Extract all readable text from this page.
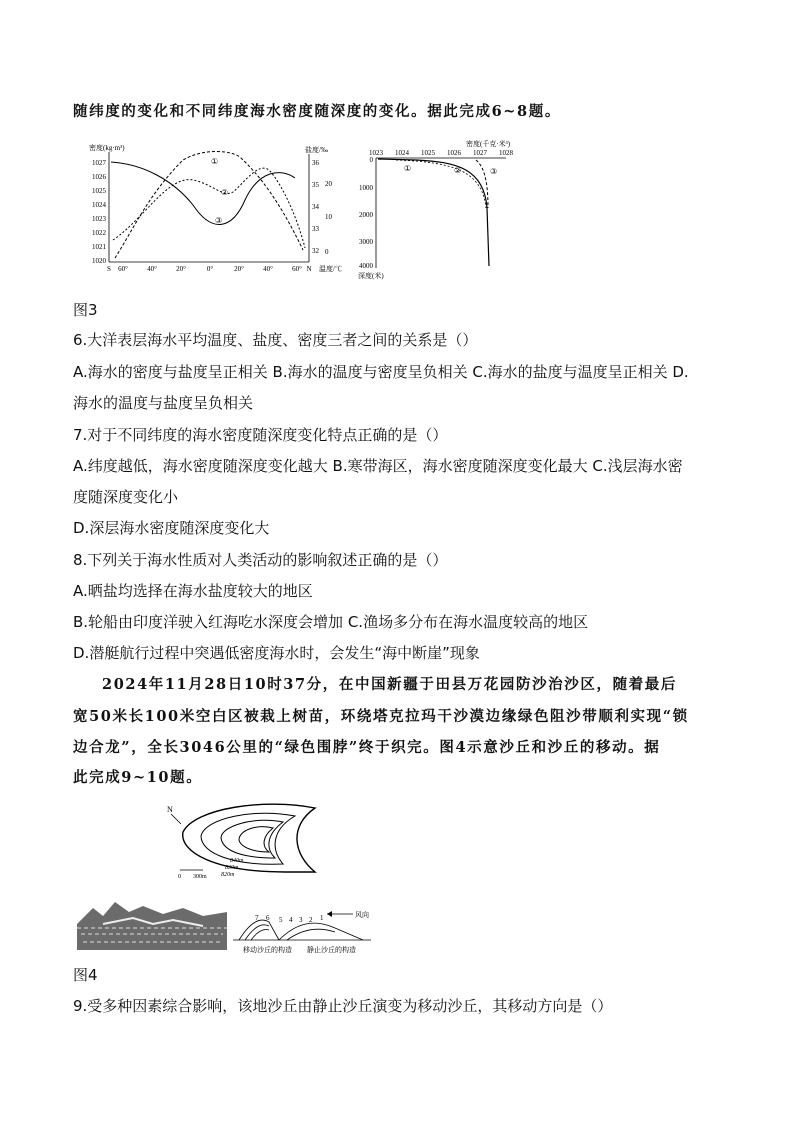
随纬度的变化和不同纬度海水密度随深度的变化。据此完成6~8题。
密度(kg·m³)	盐度/‰
1027
1026
1025
1024
1023
1022
1021
1020
36
35
34
33
32
20
10
0
①
②
③
S 60°	40°	20°	0°	20°	40°	60° N 温度/℃
密度(千克·米³)
1023 1024 1025 1026 1027 1028
0
1000
2000
3000
4000
深度(米)
①	②	③
图3
6.大洋表层海水平均温度、盐度、密度三者之间的关系是（）
A.海水的密度与盐度呈正相关 B.海水的温度与密度呈负相关 C.海水的盐度与温度呈正相关 D.
海水的温度与盐度呈负相关
7.对于不同纬度的海水密度随深度变化特点正确的是（）
A.纬度越低，海水密度随深度变化越大 B.寒带海区，海水密度随深度变化最大 C.浅层海水密
度随深度变化小
D.深层海水密度随深度变化大
8.下列关于海水性质对人类活动的影响叙述正确的是（）
A.晒盐均选择在海水盐度较大的地区
B.轮船由印度洋驶入红海吃水深度会增加 C.渔场多分布在海水温度较高的地区
D.潜艇航行过程中突遇低密度海水时，会发生“海中断崖”现象
2024年11月28日10时37分，在中国新疆于田县万花园防沙治沙区，随着最后
宽50米长100米空白区被栽上树苗，环绕塔克拉玛干沙漠边缘绿色阻沙带顺利实现“锁
边合龙”，全长3046公里的“绿色围脖”终于织完。图4示意沙丘和沙丘的移动。据
此完成9~10题。
N
840m
830m
820m
0 300m
7 6 5 4 3 2 1	风向
移动沙丘的构造 静止沙丘的构造
图4
9.受多种因素综合影响，该地沙丘由静止沙丘演变为移动沙丘，其移动方向是（）
